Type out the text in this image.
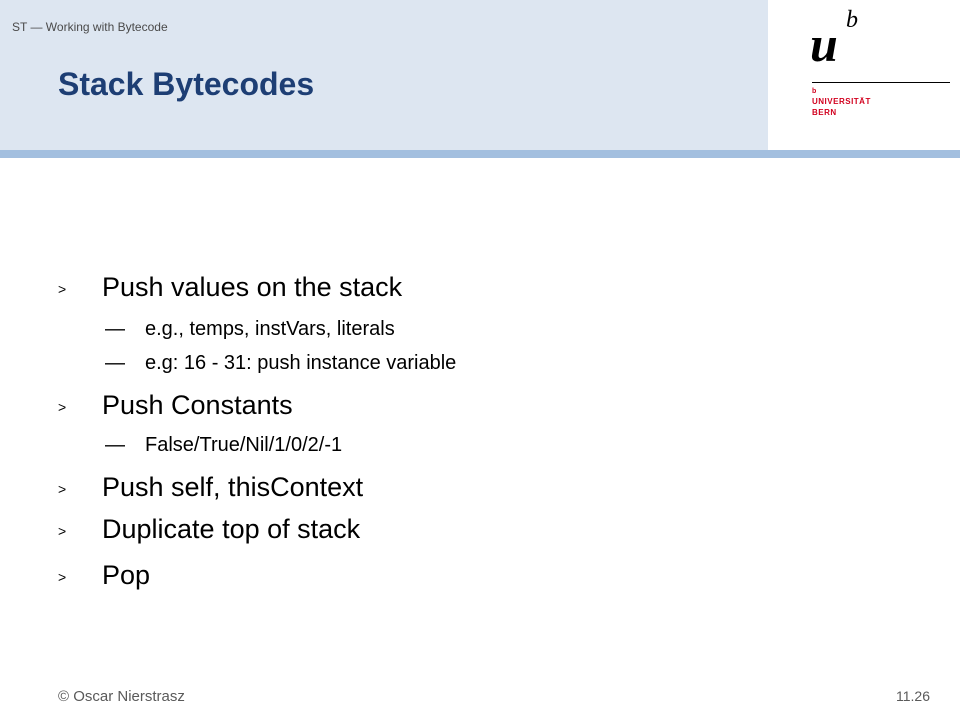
ST — Working with Bytecode
Stack Bytecodes
u b
b
UNIVERSITÄT
BERN
> Push values on the stack
— e.g., temps, instVars, literals
— e.g: 16 - 31: push instance variable
> Push Constants
— False/True/Nil/1/0/2/-1
> Push self, thisContext
> Duplicate top of stack
> Pop
© Oscar Nierstrasz	11.26
